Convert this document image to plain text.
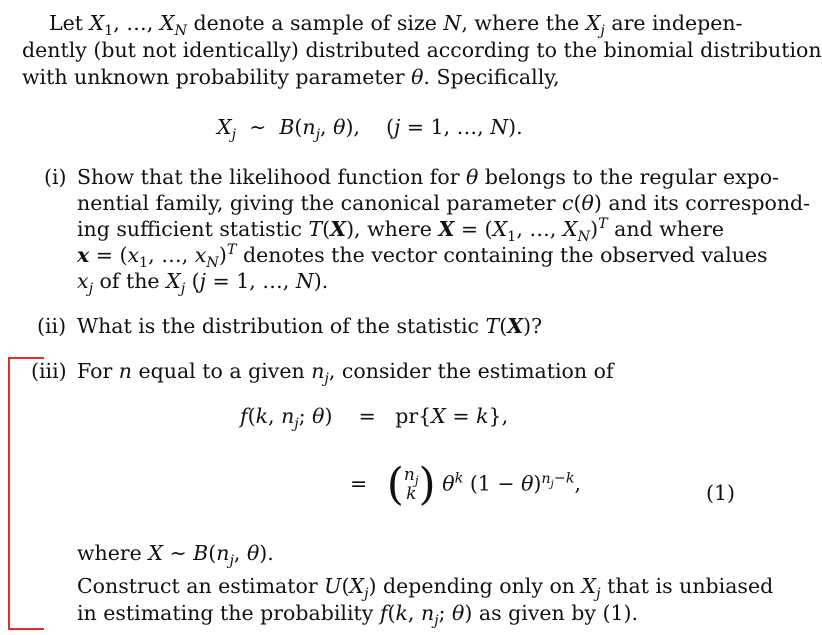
Let $X_1$, …, $X_N$ denote a sample of size N, where the $X_j$ are indepen-
dently (but not identically) distributed according to the binomial distribution
with unknown probability parameter θ. Specifically,
$X_j$  ∼  $B(n_j$, θ),    (j = 1, …, N).
(i) Show that the likelihood function for θ belongs to the regular expo-
nential family, giving the canonical parameter c(θ) and its correspond-
ing sufficient statistic T(X), where $X = (X_1$, …, $X_N)^T$ and where
$x = (x_1$, …, $x_N)^T$ denotes the vector containing the observed values
$x_j$ of the $X_j$ (j = 1, …, N).
(ii) What is the distribution of the statistic T(X)?
(iii) For n equal to a given $n_j$, consider the estimation of
f(k, $n_j$; θ)    =   pr{X = k},
=   ($n_j$
k) $\theta^k$ $(1 - \theta)^{n_j-k}$,	(1)
where X ∼ $B(n_j$, θ).
Construct an estimator $U(X_j)$ depending only on $X_j$ that is unbiased
in estimating the probability f(k, $n_j$; θ) as given by (1).
